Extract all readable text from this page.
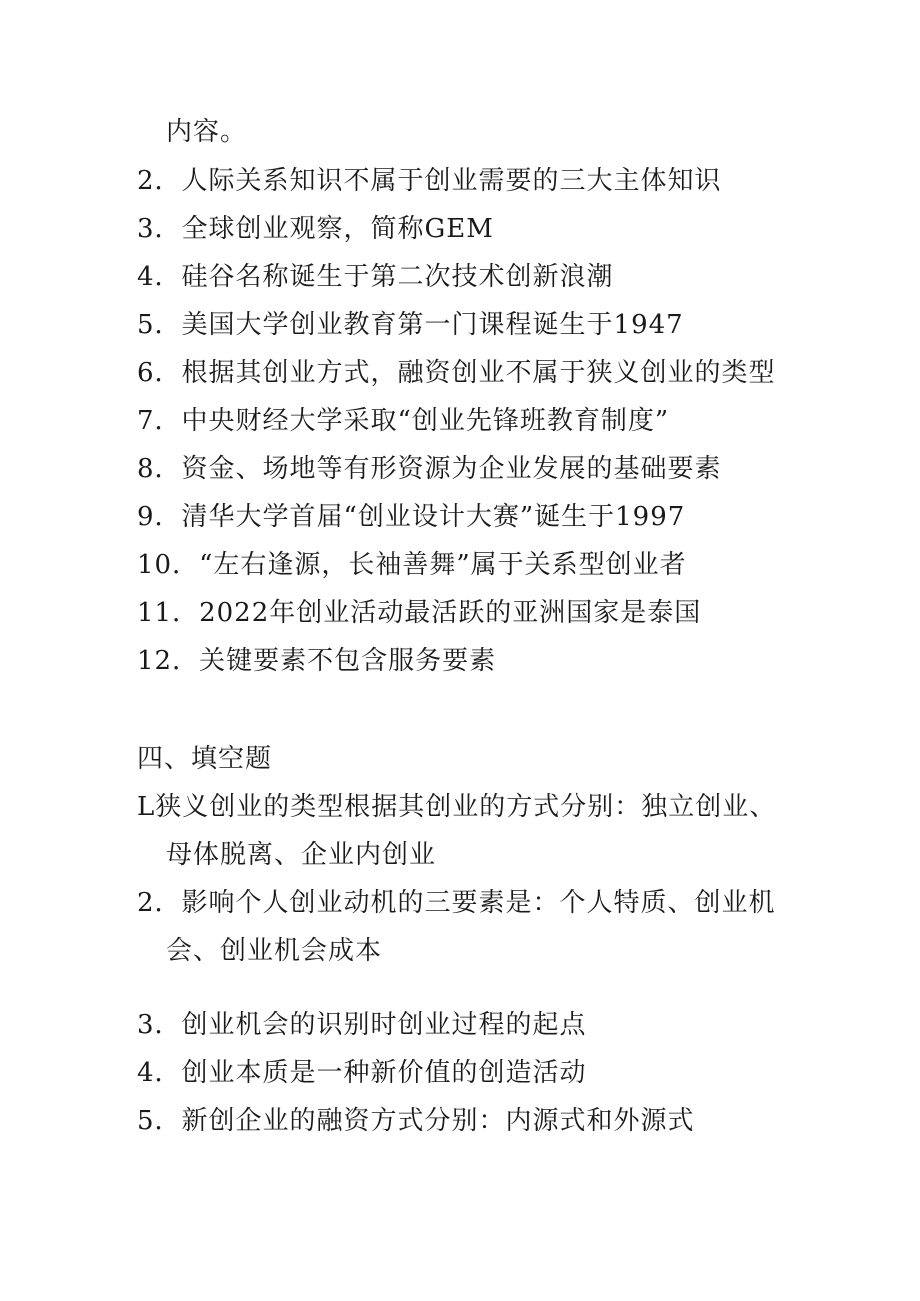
内容。
2．人际关系知识不属于创业需要的三大主体知识
3．全球创业观察，简称GEM
4．硅谷名称诞生于第二次技术创新浪潮
5．美国大学创业教育第一门课程诞生于1947
6．根据其创业方式，融资创业不属于狭义创业的类型
7．中央财经大学采取“创业先锋班教育制度”
8．资金、场地等有形资源为企业发展的基础要素
9．清华大学首届“创业设计大赛”诞生于1997
10．“左右逢源，长袖善舞”属于关系型创业者
11．2022年创业活动最活跃的亚洲国家是泰国
12．关键要素不包含服务要素
四、填空题
L狭义创业的类型根据其创业的方式分别：独立创业、
母体脱离、企业内创业
2．影响个人创业动机的三要素是：个人特质、创业机
会、创业机会成本
3．创业机会的识别时创业过程的起点
4．创业本质是一种新价值的创造活动
5．新创企业的融资方式分别：内源式和外源式
